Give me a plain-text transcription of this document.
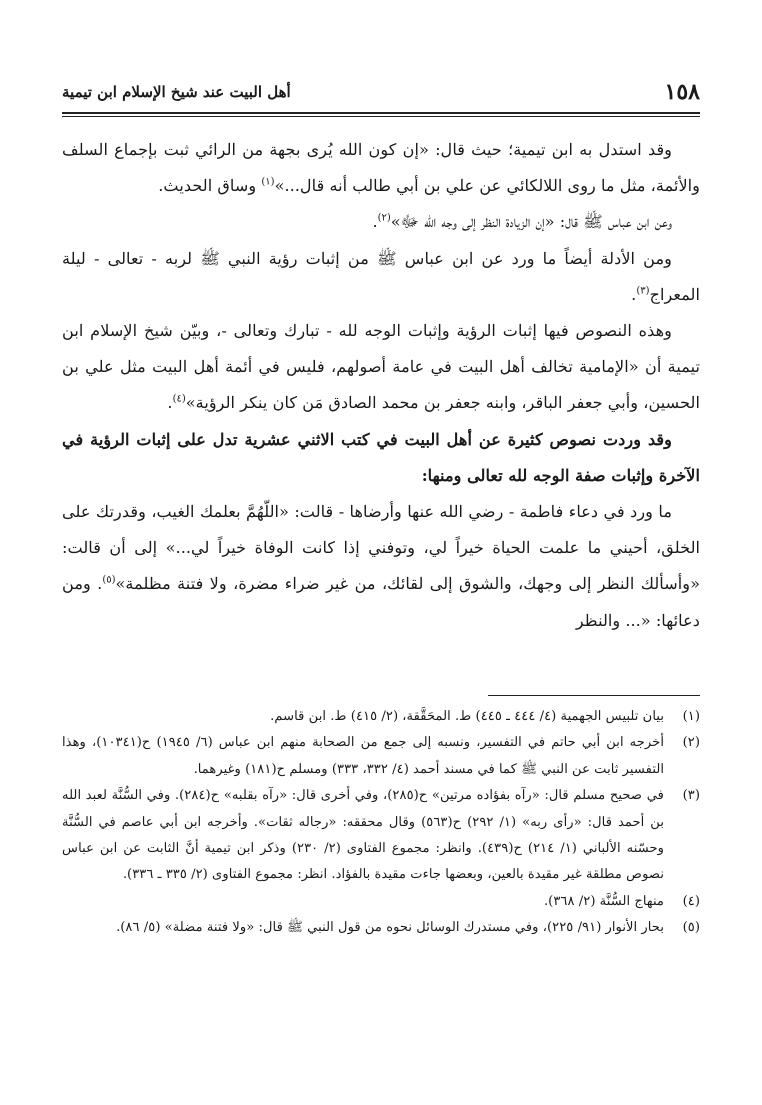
١٥٨
أهل البيت عند شيخ الإسلام ابن تيمية

وقد استدل به ابن تيمية؛ حيث قال: «إن كون الله يُرى بجهة من الرائي ثبت بإجماع السلف والأئمة، مثل ما روى اللالكائي عن علي بن أبي طالب أنه قال...»$^{(١)}$ وساق الحديث.

وعن ابن عباس ﷺ قال: «إن الزيادة النظر إلى وجه الله ﷻ»$^{(٢)}$.

ومن الأدلة أيضاً ما ورد عن ابن عباس ﷺ من إثبات رؤية النبي ﷺ لربه - تعالى - ليلة المعراج$^{(٣)}$.

وهذه النصوص فيها إثبات الرؤية وإثبات الوجه لله - تبارك وتعالى -، وبيّن شيخ الإسلام ابن تيمية أن «الإمامية تخالف أهل البيت في عامة أصولهم، فليس في أئمة أهل البيت مثل علي بن الحسين، وأبي جعفر الباقر، وابنه جعفر بن محمد الصادق مَن كان ينكر الرؤية»$^{(٤)}$.

وقد وردت نصوص كثيرة عن أهل البيت في كتب الاثني عشرية تدل على إثبات الرؤية في الآخرة وإثبات صفة الوجه لله تعالى ومنها:

ما ورد في دعاء فاطمة - رضي الله عنها وأرضاها - قالت: «اللّهُمَّ بعلمك الغيب، وقدرتك على الخلق، أحيني ما علمت الحياة خيراً لي، وتوفني إذا كانت الوفاة خيراً لي...» إلى أن قالت: «وأسألك النظر إلى وجهك، والشوق إلى لقائك، من غير ضراء مضرة، ولا فتنة مظلمة»$^{(٥)}$. ومن دعائها: «... والنظر

(١)
بيان تلبيس الجهمية (٤/ ٤٤٤ ـ ٤٤٥) ط. المحَقَّقة، (٢/ ٤١٥) ط. ابن قاسم.
(٢)
أخرجه ابن أبي حاتم في التفسير، ونسبه إلى جمع من الصحابة منهم ابن عباس (٦/ ١٩٤٥) ح(١٠٣٤١)، وهذا التفسير ثابت عن النبي ﷺ كما في مسند أحمد (٤/ ٣٣٢، ٣٣٣) ومسلم ح(١٨١) وغيرهما.
(٣)
في صحيح مسلم قال: «رآه بفؤاده مرتين» ح(٢٨٥)، وفي أخرى قال: «رآه بقلبه» ح(٢٨٤). وفي السُّنَّة لعبد الله بن أحمد قال: «رأى ربه» (١/ ٢٩٢) ح(٥٦٣) وقال محققه: «رجاله ثقات». وأخرجه ابن أبي عاصم في السُّنَّة وحسّنه الألباني (١/ ٢١٤) ح(٤٣٩). وانظر: مجموع الفتاوى (٢/ ٢٣٠) وذكر ابن تيمية أنَّ الثابت عن ابن عباس نصوص مطلقة غير مقيدة بالعين، وبعضها جاءت مقيدة بالفؤاد. انظر: مجموع الفتاوى (٢/ ٣٣٥ ـ ٣٣٦).
(٤)
منهاج السُّنَّة (٢/ ٣٦٨).
(٥)
بحار الأنوار (٩١/ ٢٢٥)، وفي مستدرك الوسائل نحوه من قول النبي ﷺ قال: «ولا فتنة مضلة» (٥/ ٨٦).
